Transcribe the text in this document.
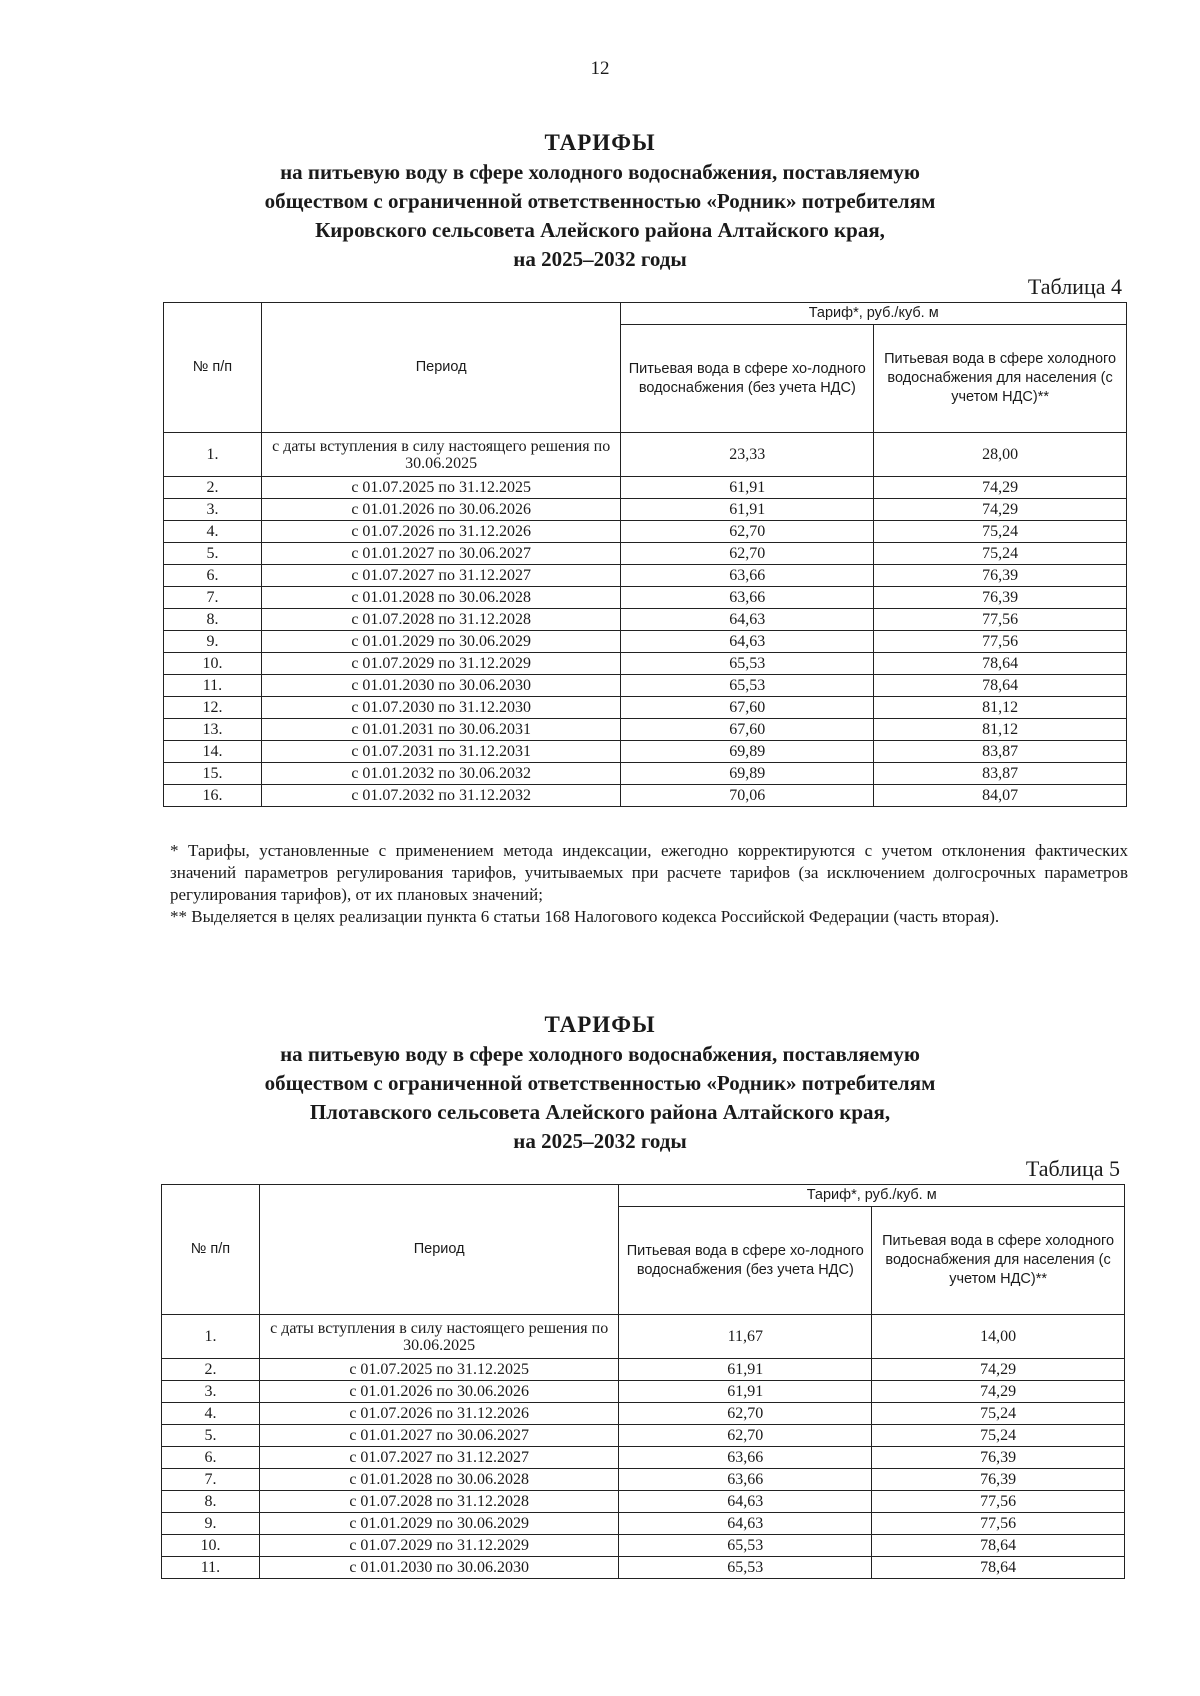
12
ТАРИФЫ
на питьевую воду в сфере холодного водоснабжения, поставляемую
обществом с ограниченной ответственностью «Родник» потребителям
Кировского сельсовета Алейского района Алтайского края,
на 2025–2032 годы
Таблица 4
№ п/п	Период	Тариф*, руб./куб. м	
		Питьевая вода в сфере хо-лодного водоснабжения (без учета НДС)	Питьевая вода в сфере холодного водоснабжения для населения (с учетом НДС)**
1.	с даты вступления в силу настоящего решения по 30.06.2025	23,33	28,00
2.	с 01.07.2025 по 31.12.2025	61,91	74,29
3.	с 01.01.2026 по 30.06.2026	61,91	74,29
4.	с 01.07.2026 по 31.12.2026	62,70	75,24
5.	с 01.01.2027 по 30.06.2027	62,70	75,24
6.	с 01.07.2027 по 31.12.2027	63,66	76,39
7.	с 01.01.2028 по 30.06.2028	63,66	76,39
8.	с 01.07.2028 по 31.12.2028	64,63	77,56
9.	с 01.01.2029 по 30.06.2029	64,63	77,56
10.	с 01.07.2029 по 31.12.2029	65,53	78,64
11.	с 01.01.2030 по 30.06.2030	65,53	78,64
12.	с 01.07.2030 по 31.12.2030	67,60	81,12
13.	с 01.01.2031 по 30.06.2031	67,60	81,12
14.	с 01.07.2031 по 31.12.2031	69,89	83,87
15.	с 01.01.2032 по 30.06.2032	69,89	83,87
16.	с 01.07.2032 по 31.12.2032	70,06	84,07

* Тарифы, установленные с применением метода индексации, ежегодно корректируются с учетом отклонения фактических значений параметров регулирования тарифов, учитываемых при расчете тарифов (за исключением долгосрочных параметров регулирования тарифов), от их плановых значений;

** Выделяется в целях реализации пункта 6 статьи 168 Налогового кодекса Российской Федерации (часть вторая).

ТАРИФЫ
на питьевую воду в сфере холодного водоснабжения, поставляемую
обществом с ограниченной ответственностью «Родник» потребителям
Плотавского сельсовета Алейского района Алтайского края,
на 2025–2032 годы
Таблица 5
№ п/п	Период	Тариф*, руб./куб. м	
		Питьевая вода в сфере хо-лодного водоснабжения (без учета НДС)	Питьевая вода в сфере холодного водоснабжения для населения (с учетом НДС)**
1.	с даты вступления в силу настоящего решения по 30.06.2025	11,67	14,00
2.	с 01.07.2025 по 31.12.2025	61,91	74,29
3.	с 01.01.2026 по 30.06.2026	61,91	74,29
4.	с 01.07.2026 по 31.12.2026	62,70	75,24
5.	с 01.01.2027 по 30.06.2027	62,70	75,24
6.	с 01.07.2027 по 31.12.2027	63,66	76,39
7.	с 01.01.2028 по 30.06.2028	63,66	76,39
8.	с 01.07.2028 по 31.12.2028	64,63	77,56
9.	с 01.01.2029 по 30.06.2029	64,63	77,56
10.	с 01.07.2029 по 31.12.2029	65,53	78,64
11.	с 01.01.2030 по 30.06.2030	65,53	78,64
